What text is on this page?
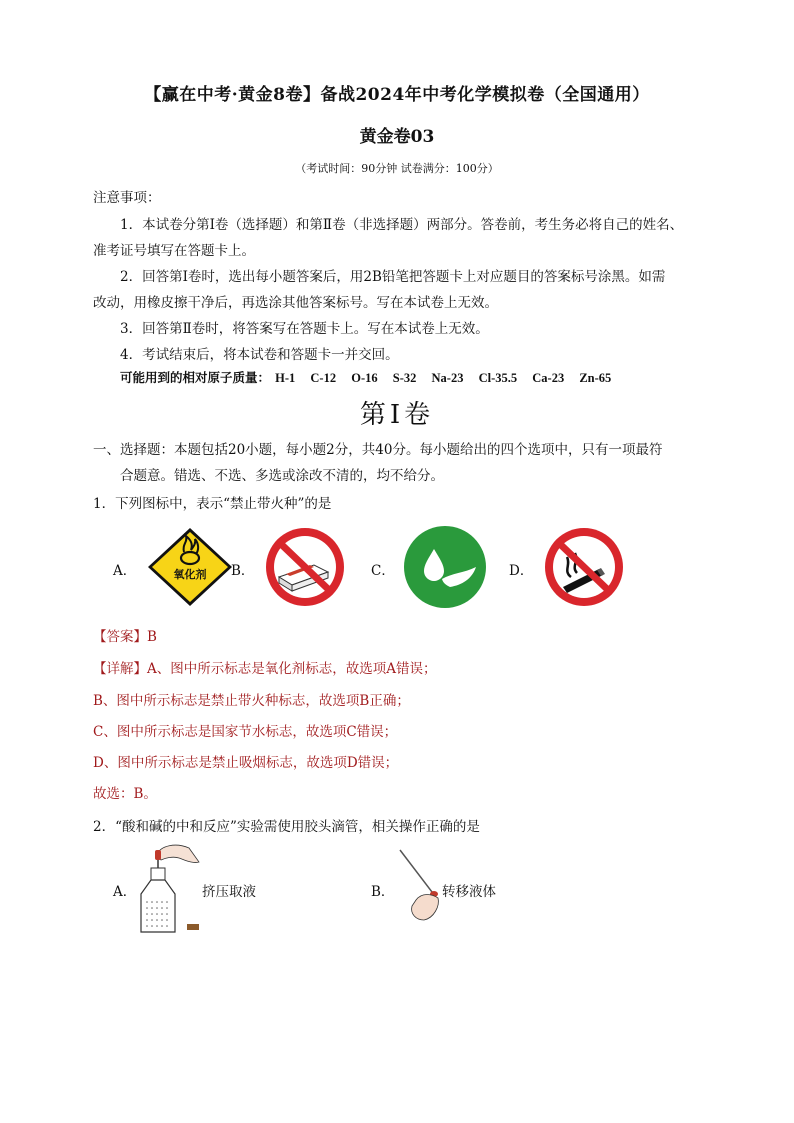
【赢在中考·黄金8卷】备战2024年中考化学模拟卷（全国通用）
黄金卷03
（考试时间：90分钟 试卷满分：100分）
注意事项：
1．本试卷分第Ⅰ卷（选择题）和第Ⅱ卷（非选择题）两部分。答卷前，考生务必将自己的姓名、
准考证号填写在答题卡上。
2．回答第Ⅰ卷时，选出每小题答案后，用2B铅笔把答题卡上对应题目的答案标号涂黑。如需
改动，用橡皮擦干净后，再选涂其他答案标号。写在本试卷上无效。
3．回答第Ⅱ卷时，将答案写在答题卡上。写在本试卷上无效。
4．考试结束后，将本试卷和答题卡一并交回。
可能用到的相对原子质量： H-1 C-12 O-16 S-32 Na-23 Cl-35.5 Ca-23 Zn-65
第Ⅰ卷
一、选择题：本题包括20小题，每小题2分，共40分。每小题给出的四个选项中，只有一项最符
合题意。错选、不选、多选或涂改不清的，均不给分。
1．下列图标中，表示“禁止带火种”的是
A．	B．	C．	D．
氧化剂
【答案】B
【详解】A、图中所示标志是氧化剂标志，故选项A错误；
B、图中所示标志是禁止带火种标志，故选项B正确；
C、图中所示标志是国家节水标志，故选项C错误；
D、图中所示标志是禁止吸烟标志，故选项D错误；
故选：B。
2．“酸和碱的中和反应”实验需使用胶头滴管，相关操作正确的是
A．	挤压取液	B．	转移液体
